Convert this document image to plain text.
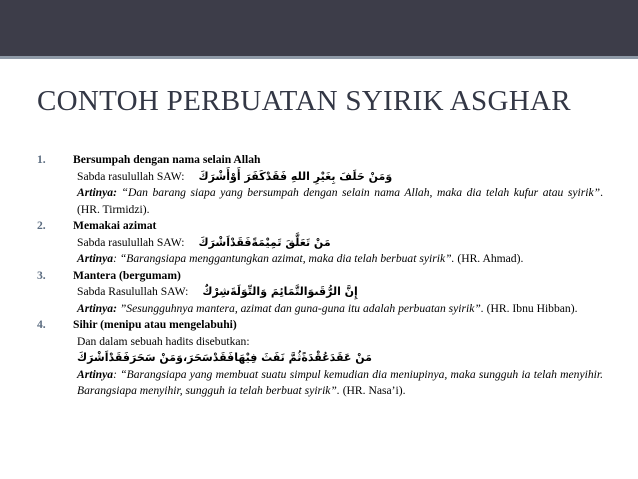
CONTOH PERBUATAN SYIRIK ASGHAR
1.	Bersumpah dengan nama selain Allah
Sabda rasulullah SAW: وَمَنْ حَلَفَ بِغَيْرِ اللهِ فَقَدْكَفَرَ أَوْأَشْرَكَ
Artinya: “Dan barang siapa yang bersumpah dengan selain nama Allah, maka dia telah kufur atau syirik”. (HR. Tirmidzi).
2.	Memakai azimat
Sabda rasulullah SAW: مَنْ تَعَلَّقَ تَمِيْمَةًفَقَدْاَشْرَكَ
Artinya: “Barangsiapa menggantungkan azimat, maka dia telah berbuat syirik”. (HR. Ahmad).
3.	Mantera (bergumam)
Sabda Rasulullah SAW: إِنَّ الرُّقَىوَالتَّمَائِمَ وَالتِّوَلَةَشِرْكٌ
Artinya: ”Sesungguhnya mantera, azimat dan guna-guna itu adalah perbuatan syirik”. (HR. Ibnu Hibban).
4.	Sihir (menipu atau mengelabuhi)
Dan dalam sebuah hadits disebutkan:
مَنْ عَقَدَعُقْدَةًثُمَّ نَفَثَ فِيْهَافَقَدْسَحَرَ،وَمَنْ سَحَرَفَقَدْاَشْرَكَ
Artinya: “Barangsiapa yang membuat suatu simpul kemudian dia meniupinya, maka sungguh ia telah menyihir. Barangsiapa menyihir, sungguh ia telah berbuat syirik”. (HR. Nasa’i).
